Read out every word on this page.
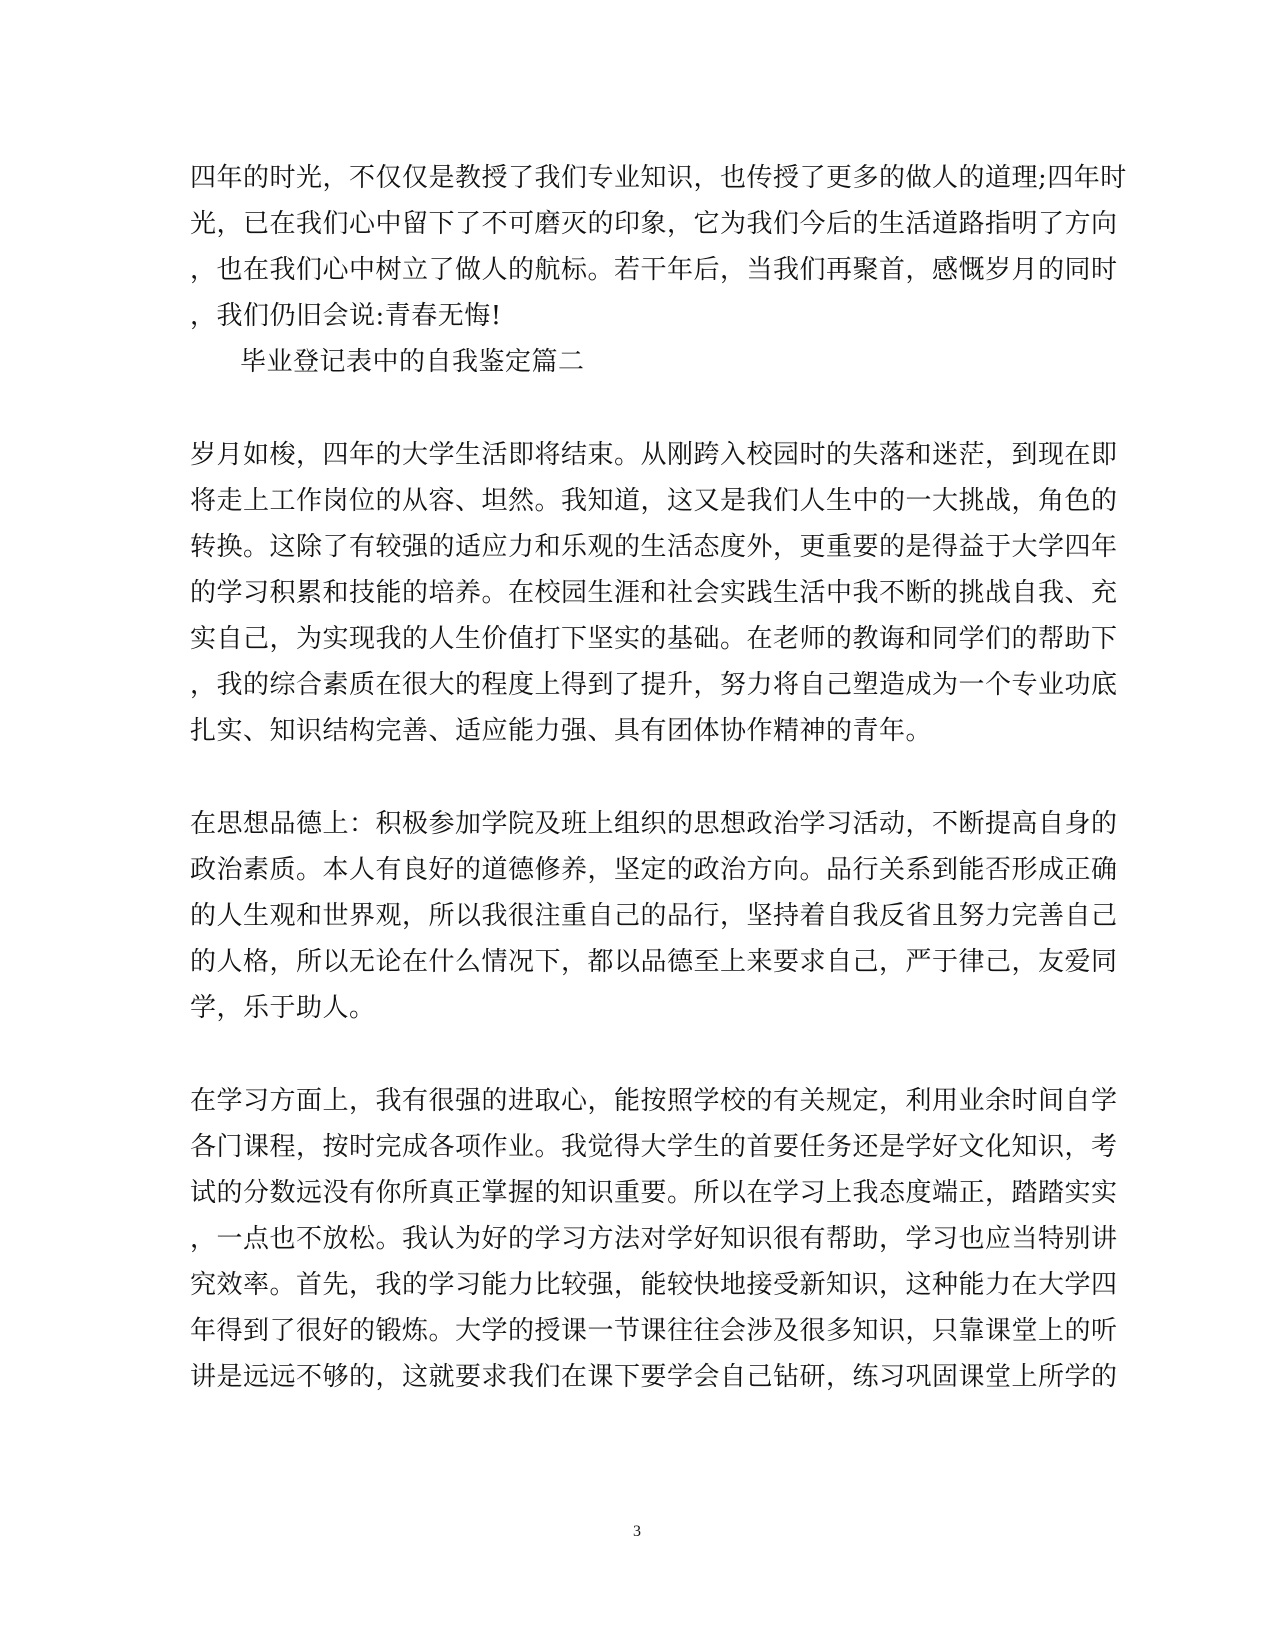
四年的时光，不仅仅是教授了我们专业知识，也传授了更多的做人的道理;四年时
光，已在我们心中留下了不可磨灭的印象，它为我们今后的生活道路指明了方向
，也在我们心中树立了做人的航标。若干年后，当我们再聚首，感慨岁月的同时
，我们仍旧会说:青春无悔!
毕业登记表中的自我鉴定篇二
岁月如梭，四年的大学生活即将结束。从刚跨入校园时的失落和迷茫，到现在即
将走上工作岗位的从容、坦然。我知道，这又是我们人生中的一大挑战，角色的
转换。这除了有较强的适应力和乐观的生活态度外，更重要的是得益于大学四年
的学习积累和技能的培养。在校园生涯和社会实践生活中我不断的挑战自我、充
实自己，为实现我的人生价值打下坚实的基础。在老师的教诲和同学们的帮助下
，我的综合素质在很大的程度上得到了提升，努力将自己塑造成为一个专业功底
扎实、知识结构完善、适应能力强、具有团体协作精神的青年。
在思想品德上：积极参加学院及班上组织的思想政治学习活动，不断提高自身的
政治素质。本人有良好的道德修养，坚定的政治方向。品行关系到能否形成正确
的人生观和世界观，所以我很注重自己的品行，坚持着自我反省且努力完善自己
的人格，所以无论在什么情况下，都以品德至上来要求自己，严于律己，友爱同
学，乐于助人。
在学习方面上，我有很强的进取心，能按照学校的有关规定，利用业余时间自学
各门课程，按时完成各项作业。我觉得大学生的首要任务还是学好文化知识，考
试的分数远没有你所真正掌握的知识重要。所以在学习上我态度端正，踏踏实实
，一点也不放松。我认为好的学习方法对学好知识很有帮助，学习也应当特别讲
究效率。首先，我的学习能力比较强，能较快地接受新知识，这种能力在大学四
年得到了很好的锻炼。大学的授课一节课往往会涉及很多知识，只靠课堂上的听
讲是远远不够的，这就要求我们在课下要学会自己钻研，练习巩固课堂上所学的
3
